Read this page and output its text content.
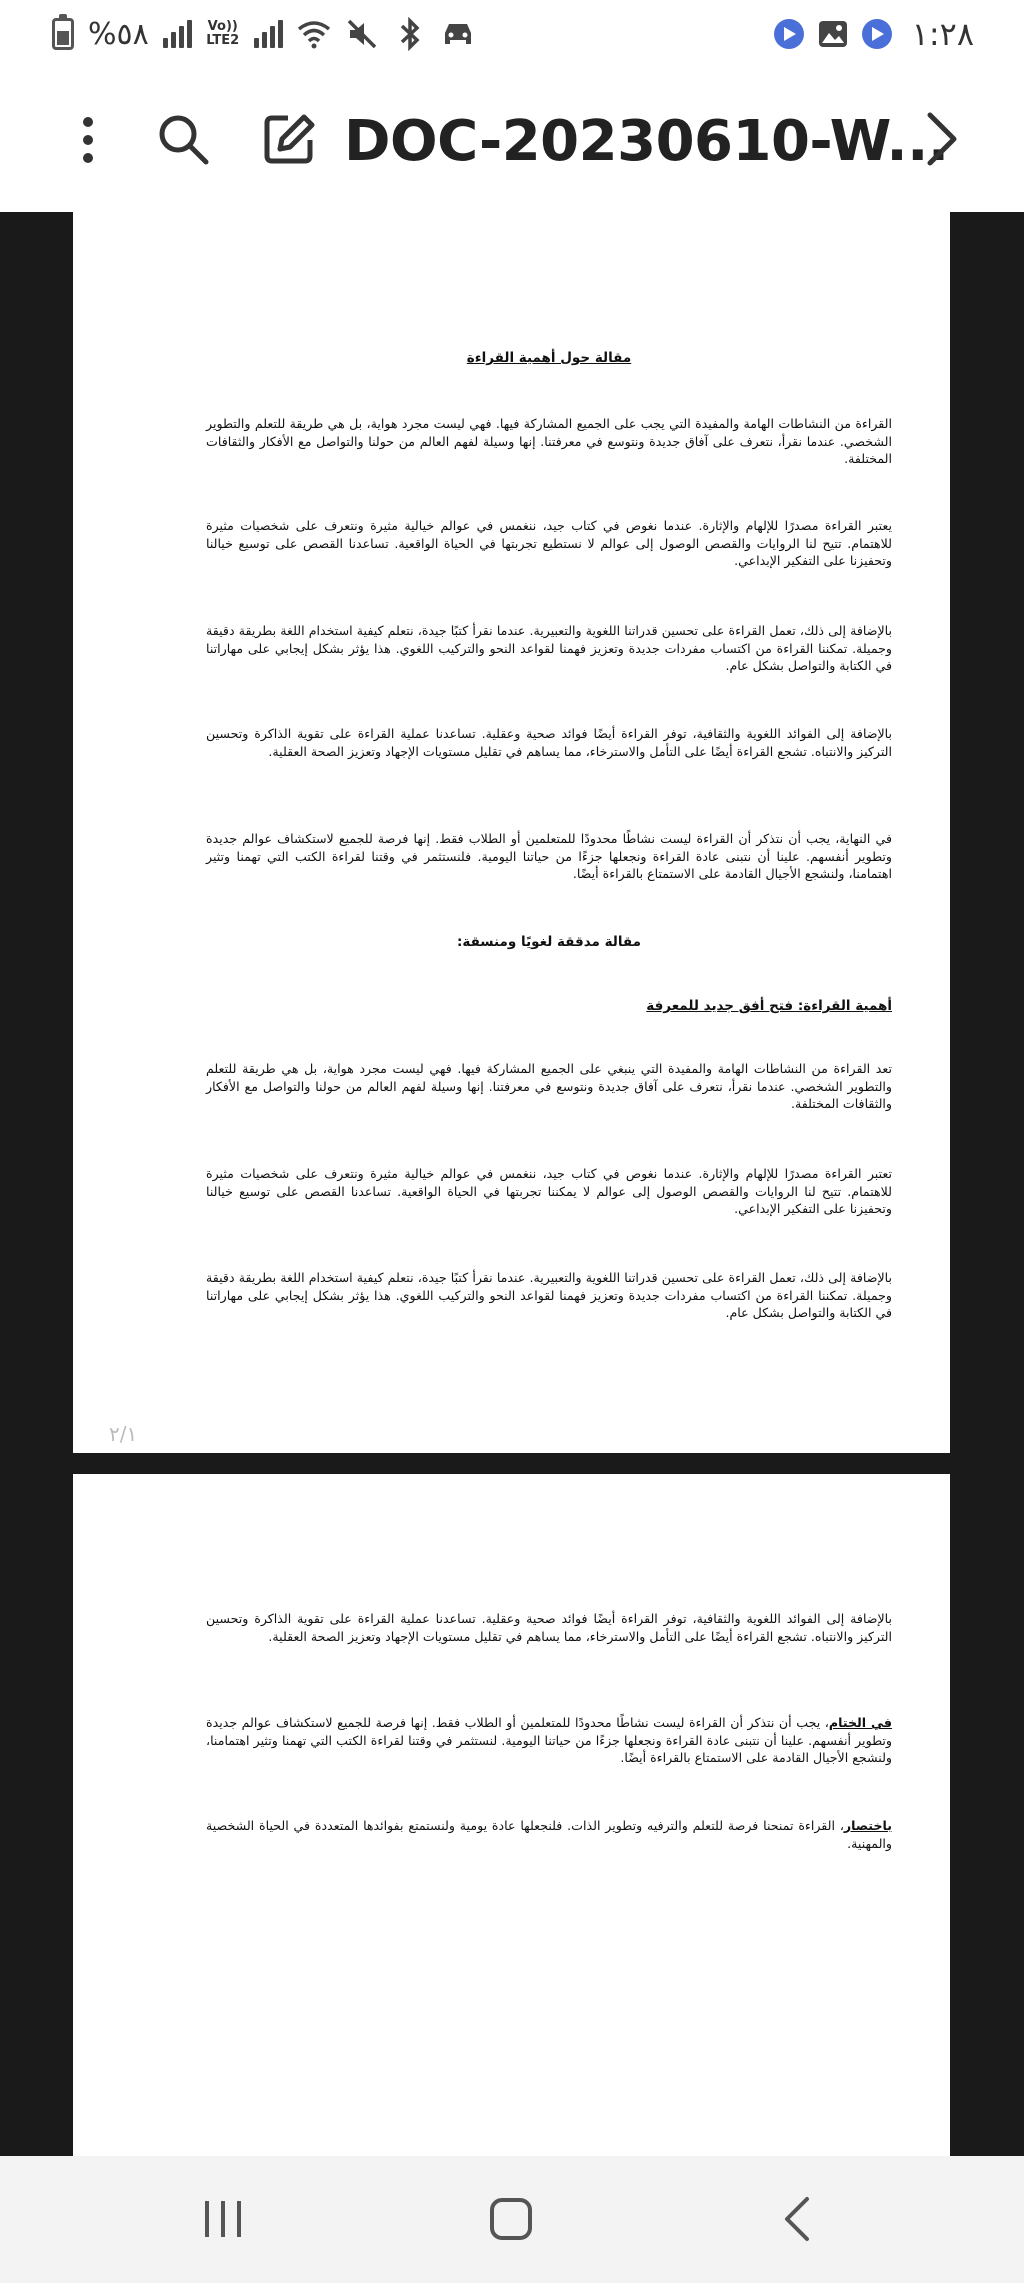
%٥٨	Vo)) LTE2	١:٢٨
DOC-20230610-W...
مقالة حول أهمية القراءة

القراءة من النشاطات الهامة والمفيدة التي يجب على الجميع المشاركة فيها. فهي ليست مجرد هواية، بل هي طريقة للتعلم والتطوير الشخصي. عندما نقرأ، نتعرف على آفاق جديدة ونتوسع في معرفتنا. إنها وسيلة لفهم العالم من حولنا والتواصل مع الأفكار والثقافات المختلفة.

يعتبر القراءة مصدرًا للإلهام والإثارة. عندما نغوص في كتاب جيد، ننغمس في عوالم خيالية مثيرة ونتعرف على شخصيات مثيرة للاهتمام. تتيح لنا الروايات والقصص الوصول إلى عوالم لا نستطيع تجربتها في الحياة الواقعية. تساعدنا القصص على توسيع خيالنا وتحفيزنا على التفكير الإبداعي.

بالإضافة إلى ذلك، تعمل القراءة على تحسين قدراتنا اللغوية والتعبيرية. عندما نقرأ كتبًا جيدة، نتعلم كيفية استخدام اللغة بطريقة دقيقة وجميلة. تمكننا القراءة من اكتساب مفردات جديدة وتعزيز فهمنا لقواعد النحو والتركيب اللغوي. هذا يؤثر بشكل إيجابي على مهاراتنا في الكتابة والتواصل بشكل عام.

بالإضافة إلى الفوائد اللغوية والثقافية، توفر القراءة أيضًا فوائد صحية وعقلية. تساعدنا عملية القراءة على تقوية الذاكرة وتحسين التركيز والانتباه. تشجع القراءة أيضًا على التأمل والاسترخاء، مما يساهم في تقليل مستويات الإجهاد وتعزيز الصحة العقلية.

في النهاية، يجب أن نتذكر أن القراءة ليست نشاطًا محدودًا للمتعلمين أو الطلاب فقط. إنها فرصة للجميع لاستكشاف عوالم جديدة وتطوير أنفسهم. علينا أن نتبنى عادة القراءة ونجعلها جزءًا من حياتنا اليومية. فلنستثمر في وقتنا لقراءة الكتب التي تهمنا وتثير اهتمامنا، ولنشجع الأجيال القادمة على الاستمتاع بالقراءة أيضًا.

مقالة مدققة لغويًا ومنسقة:
أهمية القراءة: فتح أفق جديد للمعرفة

تعد القراءة من النشاطات الهامة والمفيدة التي ينبغي على الجميع المشاركة فيها. فهي ليست مجرد هواية، بل هي طريقة للتعلم والتطوير الشخصي. عندما نقرأ، نتعرف على آفاق جديدة ونتوسع في معرفتنا. إنها وسيلة لفهم العالم من حولنا والتواصل مع الأفكار والثقافات المختلفة.

تعتبر القراءة مصدرًا للإلهام والإثارة. عندما نغوص في كتاب جيد، ننغمس في عوالم خيالية مثيرة ونتعرف على شخصيات مثيرة للاهتمام. تتيح لنا الروايات والقصص الوصول إلى عوالم لا يمكننا تجربتها في الحياة الواقعية. تساعدنا القصص على توسيع خيالنا وتحفيزنا على التفكير الإبداعي.

بالإضافة إلى ذلك، تعمل القراءة على تحسين قدراتنا اللغوية والتعبيرية. عندما نقرأ كتبًا جيدة، نتعلم كيفية استخدام اللغة بطريقة دقيقة وجميلة. تمكننا القراءة من اكتساب مفردات جديدة وتعزيز فهمنا لقواعد النحو والتركيب اللغوي. هذا يؤثر بشكل إيجابي على مهاراتنا في الكتابة والتواصل بشكل عام.

٢/١

بالإضافة إلى الفوائد اللغوية والثقافية، توفر القراءة أيضًا فوائد صحية وعقلية. تساعدنا عملية القراءة على تقوية الذاكرة وتحسين التركيز والانتباه. تشجع القراءة أيضًا على التأمل والاسترخاء، مما يساهم في تقليل مستويات الإجهاد وتعزيز الصحة العقلية.

في الختام، يجب أن نتذكر أن القراءة ليست نشاطًا محدودًا للمتعلمين أو الطلاب فقط. إنها فرصة للجميع لاستكشاف عوالم جديدة وتطوير أنفسهم. علينا أن نتبنى عادة القراءة ونجعلها جزءًا من حياتنا اليومية. لنستثمر في وقتنا لقراءة الكتب التي تهمنا وتثير اهتمامنا، ولنشجع الأجيال القادمة على الاستمتاع بالقراءة أيضًا.

باختصار، القراءة تمنحنا فرصة للتعلم والترفيه وتطوير الذات. فلنجعلها عادة يومية ولنستمتع بفوائدها المتعددة في الحياة الشخصية والمهنية.
